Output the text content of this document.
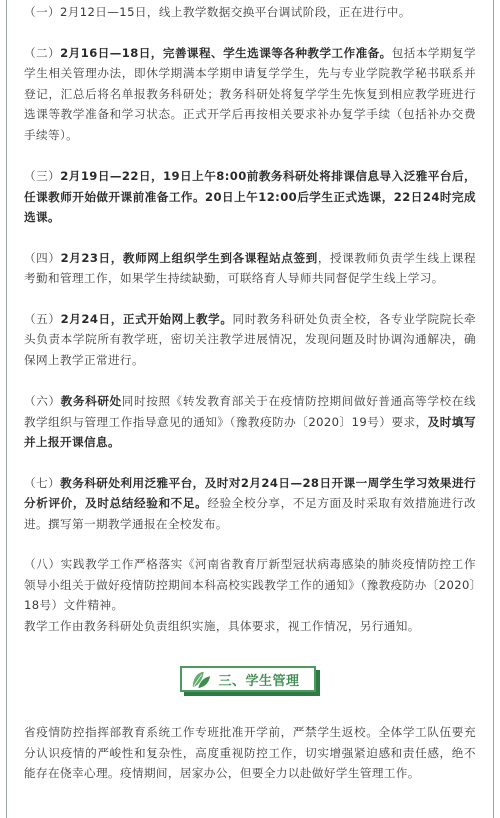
（一）2月12日—15日，线上教学数据交换平台调试阶段，正在进行中。

（二）2月16日—18日，完善课程、学生选课等各种教学工作准备。包括本学期复学学生相关管理办法，即休学期满本学期申请复学学生，先与专业学院教学秘书联系并登记，汇总后将名单报教务科研处；教务科研处将复学学生先恢复到相应教学班进行选课等教学准备和学习状态。正式开学后再按相关要求补办复学手续（包括补办交费手续等）。

（三）2月19日—22日，19日上午8:00前教务科研处将排课信息导入泛雅平台后，任课教师开始做开课前准备工作。20日上午12:00后学生正式选课，22日24时完成选课。

（四）2月23日，教师网上组织学生到各课程站点签到，授课教师负责学生线上课程考勤和管理工作，如果学生持续缺勤，可联络育人导师共同督促学生线上学习。

（五）2月24日，正式开始网上教学。同时教务科研处负责全校，各专业学院院长牵头负责本学院所有教学班，密切关注教学进展情况，发现问题及时协调沟通解决，确保网上教学正常进行。

（六）教务科研处同时按照《转发教育部关于在疫情防控期间做好普通高等学校在线教学组织与管理工作指导意见的通知》（豫教疫防办〔2020〕19号）要求，及时填写并上报开课信息。

（七）教务科研处利用泛雅平台，及时对2月24日—28日开课一周学生学习效果进行分析评价，及时总结经验和不足。经验全校分享，不足方面及时采取有效措施进行改进。撰写第一期教学通报在全校发布。

（八）实践教学工作严格落实《河南省教育厅新型冠状病毒感染的肺炎疫情防控工作领导小组关于做好疫情防控期间本科高校实践教学工作的通知》（豫教疫防办〔2020〕18号）文件精神。

教学工作由教务科研处负责组织实施，具体要求，视工作情况，另行通知。

三、学生管理

省疫情防控指挥部教育系统工作专班批准开学前，严禁学生返校。全体学工队伍要充分认识疫情的严峻性和复杂性，高度重视防控工作，切实增强紧迫感和责任感，绝不能存在侥幸心理。疫情期间，居家办公，但要全力以赴做好学生管理工作。
